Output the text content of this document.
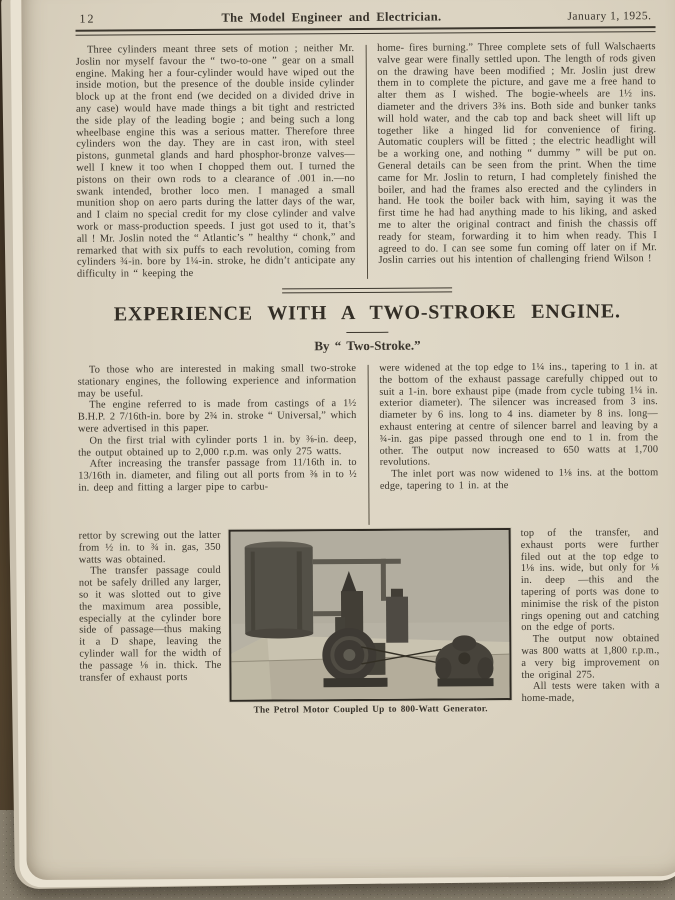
12	The Model Engineer and Electrician.	January 1, 1925.

Three cylinders meant three sets of motion ; neither Mr. Joslin nor myself favour the “ two-to-one ” gear on a small engine. Making her a four-cylinder would have wiped out the inside motion, but the presence of the double inside cylinder block up at the front end (we decided on a divided drive in any case) would have made things a bit tight and restricted the side play of the leading bogie ; and being such a long wheelbase engine this was a serious matter. Therefore three cylinders won the day. They are in cast iron, with steel pistons, gunmetal glands and hard phosphor-bronze valves—well I knew it too when I chopped them out. I turned the pistons on their own rods to a clearance of .001 in.—no swank intended, brother loco men. I managed a small munition shop on aero parts during the latter days of the war, and I claim no special credit for my close cylinder and valve work or mass-production speeds. I just got used to it, that’s all ! Mr. Joslin noted the “ Atlantic’s ” healthy “ chonk,” and remarked that with six puffs to each revolution, coming from cylinders ¾-in. bore by 1¼-in. stroke, he didn’t anticipate any difficulty in “ keeping the

home- fires burning.” Three complete sets of full Walschaerts valve gear were finally settled upon. The length of rods given on the drawing have been modified ; Mr. Joslin just drew them in to complete the picture, and gave me a free hand to alter them as I wished. The bogie-wheels are 1½ ins. diameter and the drivers 3⅜ ins. Both side and bunker tanks will hold water, and the cab top and back sheet will lift up together like a hinged lid for convenience of firing. Automatic couplers will be fitted ; the electric headlight will be a working one, and nothing “ dummy ” will be put on. General details can be seen from the print. When the time came for Mr. Joslin to return, I had completely finished the boiler, and had the frames also erected and the cylinders in hand. He took the boiler back with him, saying it was the first time he had had anything made to his liking, and asked me to alter the original contract and finish the chassis off ready for steam, forwarding it to him when ready. This I agreed to do. I can see some fun coming off later on if Mr. Joslin carries out his intention of challenging friend Wilson !

EXPERIENCE WITH A TWO-STROKE ENGINE.
By “ Two-Stroke.”

To those who are interested in making small two-stroke stationary engines, the following experience and information may be useful.

The engine referred to is made from castings of a 1½ B.H.P. 2 7/16th-in. bore by 2¾ in. stroke “ Universal,” which were advertised in this paper.

On the first trial with cylinder ports 1 in. by ⅜-in. deep, the output obtained up to 2,000 r.p.m. was only 275 watts.

After increasing the transfer passage from 11/16th in. to 13/16th in. diameter, and filing out all ports from ⅜ in to ½ in. deep and fitting a larger pipe to carbu-

rettor by screwing out the latter from ½ in. to ¾ in. gas, 350 watts was obtained.

The transfer passage could not be safely drilled any larger, so it was slotted out to give the maximum area possible, especially at the cylinder bore side of passage—thus making it a D shape, leaving the cylinder wall for the width of the passage ⅛ in. thick. The transfer of exhaust ports

were widened at the top edge to 1¼ ins., tapering to 1 in. at the bottom of the exhaust passage carefully chipped out to suit a 1-in. bore exhaust pipe (made from cycle tubing 1¼ in. exterior diameter). The silencer was increased from 3 ins. diameter by 6 ins. long to 4 ins. diameter by 8 ins. long—exhaust entering at centre of silencer barrel and leaving by a ¾-in. gas pipe passed through one end to 1 in. from the other. The output now increased to 650 watts at 1,700 revolutions.

The inlet port was now widened to 1⅛ ins. at the bottom edge, tapering to 1 in. at the

top of the transfer, and exhaust ports were further filed out at the top edge to 1⅛ ins. wide, but only for ⅛ in. deep —this and the tapering of ports was done to minimise the risk of the piston rings opening out and catching on the edge of ports.

The output now obtained was 800 watts at 1,800 r.p.m., a very big improvement on the original 275.

All tests were taken with a home-made,

The Petrol Motor Coupled Up to 800-Watt Generator.
